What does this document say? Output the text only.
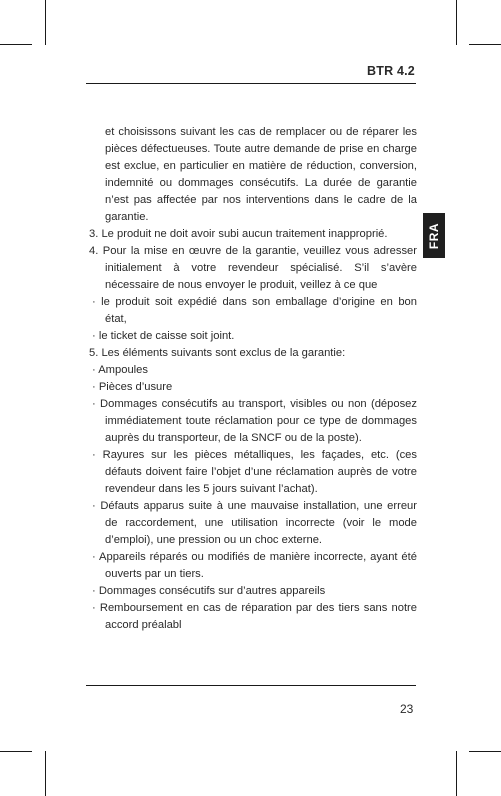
BTR 4.2
FRA

et choisissons suivant les cas de remplacer ou de réparer les pièces défectueuses. Toute autre demande de prise en charge est exclue, en particulier en matière de réduction, conversion, indemnité ou dommages consécutifs. La durée de garantie n’est pas affectée par nos interventions dans le cadre de la garantie.

3. Le produit ne doit avoir subi aucun traitement inapproprié.

4. Pour la mise en œuvre de la garantie, veuillez vous adresser initialement à votre revendeur spécialisé. S’il s’avère nécessaire de nous envoyer le produit, veillez à ce que

· le produit soit expédié dans son emballage d’origine en bon état,

· le ticket de caisse soit joint.

5. Les éléments suivants sont exclus de la garantie:

· Ampoules

· Pièces d’usure

· Dommages consécutifs au transport, visibles ou non (déposez immédiatement toute réclamation pour ce type de dommages auprès du transporteur, de la SNCF ou de la poste).

· Rayures sur les pièces métalliques, les façades, etc. (ces défauts doivent faire l’objet d’une réclamation auprès de votre revendeur dans les 5 jours suivant l’achat).

· Défauts apparus suite à une mauvaise installation, une erreur de raccordement, une utilisation incorrecte (voir le mode d’emploi), une pression ou un choc externe.

· Appareils réparés ou modifiés de manière incorrecte, ayant été ouverts par un tiers.

· Dommages consécutifs sur d’autres appareils

· Remboursement en cas de réparation par des tiers sans notre accord préalabl

23
